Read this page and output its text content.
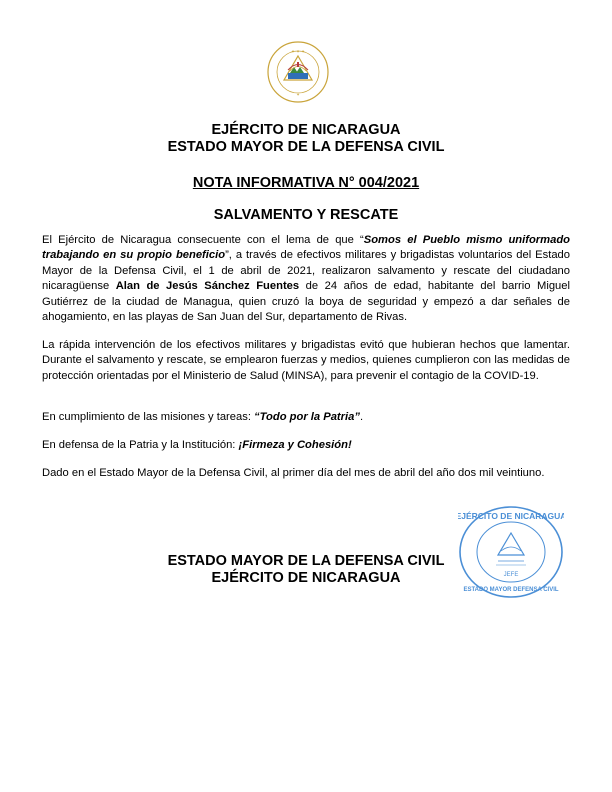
✦ ✦ ✦
✦
EJÉRCITO DE NICARAGUA
ESTADO MAYOR DE LA DEFENSA CIVIL
NOTA INFORMATIVA N° 004/2021
SALVAMENTO Y RESCATE
El Ejército de Nicaragua consecuente con el lema de que “Somos el Pueblo mismo uniformado trabajando en su propio beneficio”, a través de efectivos militares y brigadistas voluntarios del Estado Mayor de la Defensa Civil, el 1 de abril de 2021, realizaron salvamento y rescate del ciudadano nicaragüense Alan de Jesús Sánchez Fuentes de 24 años de edad, habitante del barrio Miguel Gutiérrez de la ciudad de Managua, quien cruzó la boya de seguridad y empezó a dar señales de ahogamiento, en las playas de San Juan del Sur, departamento de Rivas.
La rápida intervención de los efectivos militares y brigadistas evitó que hubieran hechos que lamentar. Durante el salvamento y rescate, se emplearon fuerzas y medios, quienes cumplieron con las medidas de protección orientadas por el Ministerio de Salud (MINSA), para prevenir el contagio de la COVID-19.
En cumplimiento de las misiones y tareas: “Todo por la Patria”.
En defensa de la Patria y la Institución: ¡Firmeza y Cohesión!
Dado en el Estado Mayor de la Defensa Civil, al primer día del mes de abril del año dos mil veintiuno.
EJÉRCITO DE NICARAGUA
JEFE
ESTADO MAYOR DEFENSA CIVIL
ESTADO MAYOR DE LA DEFENSA CIVIL
EJÉRCITO DE NICARAGUA
